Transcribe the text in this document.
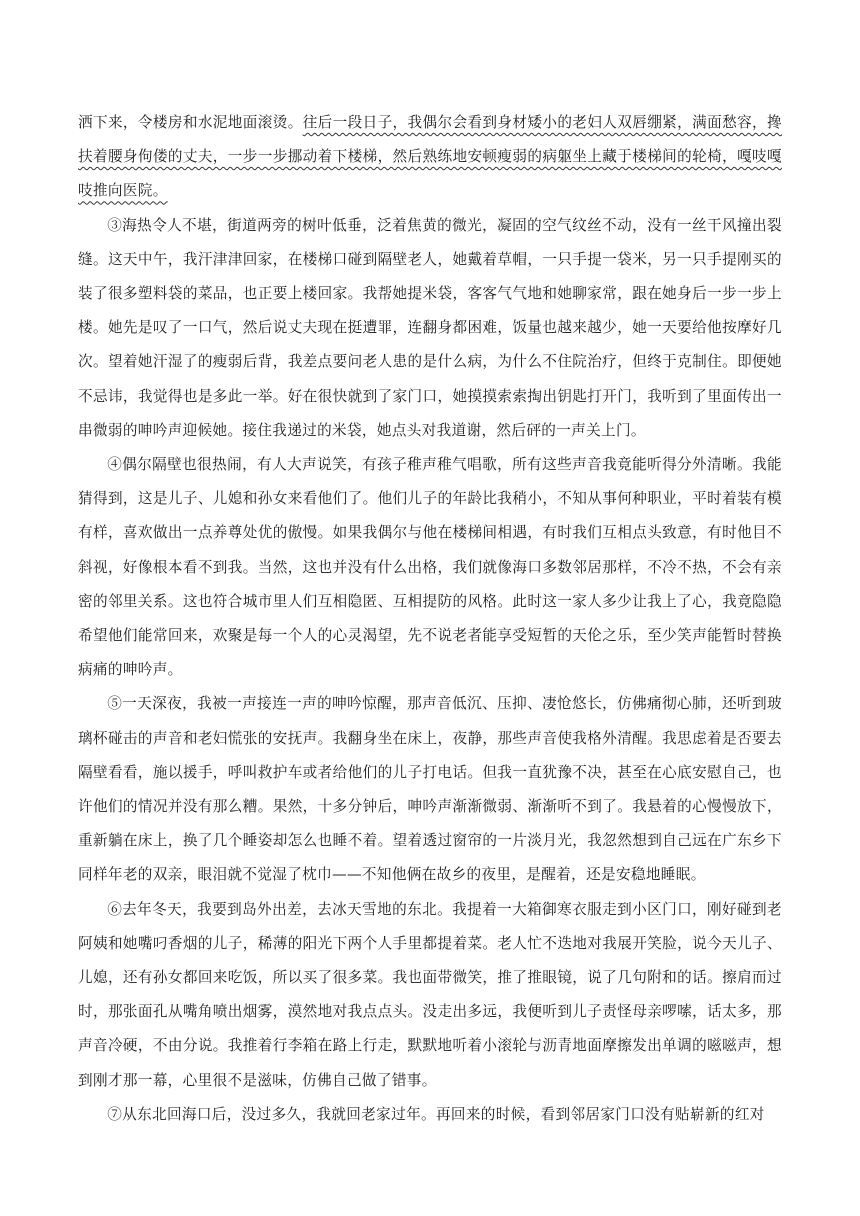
洒下来，令楼房和水泥地面滚烫。往后一段日子，我偶尔会看到身材矮小的老妇人双唇绷紧，满面愁容，搀扶着腰身佝偻的丈夫，一步一步挪动着下楼梯，然后熟练地安顿瘦弱的病躯坐上藏于楼梯间的轮椅，嘎吱嘎吱推向医院。

③海热令人不堪，街道两旁的树叶低垂，泛着焦黄的微光，凝固的空气纹丝不动，没有一丝干风撞出裂缝。这天中午，我汗津津回家，在楼梯口碰到隔壁老人，她戴着草帽，一只手提一袋米，另一只手提刚买的装了很多塑料袋的菜品，也正要上楼回家。我帮她提米袋，客客气气地和她聊家常，跟在她身后一步一步上楼。她先是叹了一口气，然后说丈夫现在挺遭罪，连翻身都困难，饭量也越来越少，她一天要给他按摩好几次。望着她汗湿了的瘦弱后背，我差点要问老人患的是什么病，为什么不住院治疗，但终于克制住。即便她不忌讳，我觉得也是多此一举。好在很快就到了家门口，她摸摸索索掏出钥匙打开门，我听到了里面传出一串微弱的呻吟声迎候她。接住我递过的米袋，她点头对我道谢，然后砰的一声关上门。

④偶尔隔壁也很热闹，有人大声说笑，有孩子稚声稚气唱歌，所有这些声音我竟能听得分外清晰。我能猜得到，这是儿子、儿媳和孙女来看他们了。他们儿子的年龄比我稍小，不知从事何种职业，平时着装有模有样，喜欢做出一点养尊处优的傲慢。如果我偶尔与他在楼梯间相遇，有时我们互相点头致意，有时他目不斜视，好像根本看不到我。当然，这也并没有什么出格，我们就像海口多数邻居那样，不冷不热，不会有亲密的邻里关系。这也符合城市里人们互相隐匿、互相提防的风格。此时这一家人多少让我上了心，我竟隐隐希望他们能常回来，欢聚是每一个人的心灵渴望，先不说老者能享受短暂的天伦之乐，至少笑声能暂时替换病痛的呻吟声。

⑤一天深夜，我被一声接连一声的呻吟惊醒，那声音低沉、压抑、凄怆悠长，仿佛痛彻心肺，还听到玻璃杯碰击的声音和老妇慌张的安抚声。我翻身坐在床上，夜静，那些声音使我格外清醒。我思虑着是否要去隔壁看看，施以援手，呼叫救护车或者给他们的儿子打电话。但我一直犹豫不决，甚至在心底安慰自己，也许他们的情况并没有那么糟。果然，十多分钟后，呻吟声渐渐微弱、渐渐听不到了。我悬着的心慢慢放下，重新躺在床上，换了几个睡姿却怎么也睡不着。望着透过窗帘的一片淡月光，我忽然想到自己远在广东乡下同样年老的双亲，眼泪就不觉湿了枕巾——不知他俩在故乡的夜里，是醒着，还是安稳地睡眠。

⑥去年冬天，我要到岛外出差，去冰天雪地的东北。我提着一大箱御寒衣服走到小区门口，刚好碰到老阿姨和她嘴叼香烟的儿子，稀薄的阳光下两个人手里都提着菜。老人忙不迭地对我展开笑脸，说今天儿子、儿媳，还有孙女都回来吃饭，所以买了很多菜。我也面带微笑，推了推眼镜，说了几句附和的话。擦肩而过时，那张面孔从嘴角喷出烟雾，漠然地对我点点头。没走出多远，我便听到儿子责怪母亲啰嗦，话太多，那声音冷硬，不由分说。我推着行李箱在路上行走，默默地听着小滚轮与沥青地面摩擦发出单调的嗞嗞声，想到刚才那一幕，心里很不是滋味，仿佛自己做了错事。

⑦从东北回海口后，没过多久，我就回老家过年。再回来的时候，看到邻居家门口没有贴崭新的红对
